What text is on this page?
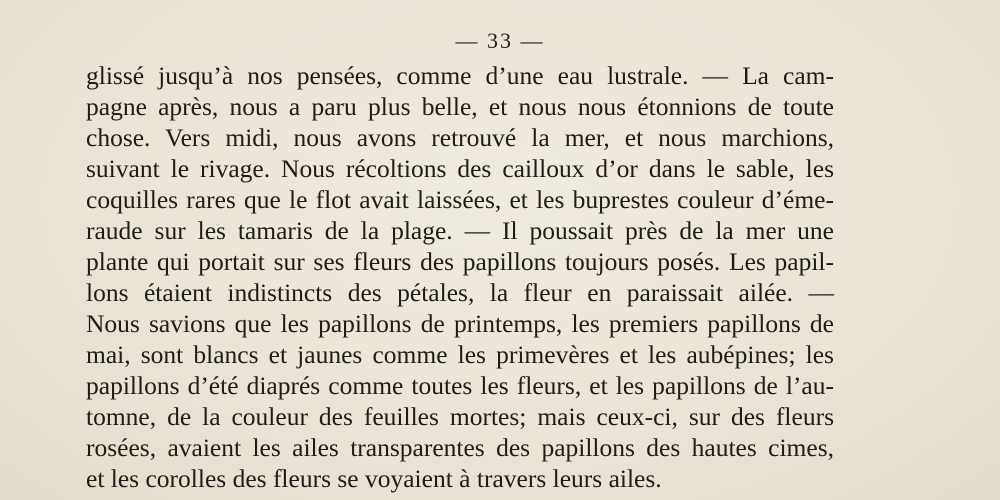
— 33 —
glissé jusqu’à nos pensées, comme d’une eau lustrale. — La cam-
pagne après, nous a paru plus belle, et nous nous étonnions de toute
chose. Vers midi, nous avons retrouvé la mer, et nous marchions,
suivant le rivage. Nous récoltions des cailloux d’or dans le sable, les
coquilles rares que le flot avait laissées, et les buprestes couleur d’éme-
raude sur les tamaris de la plage. — Il poussait près de la mer une
plante qui portait sur ses fleurs des papillons toujours posés. Les papil-
lons étaient indistincts des pétales, la fleur en paraissait ailée. —
Nous savions que les papillons de printemps, les premiers papillons de
mai, sont blancs et jaunes comme les primevères et les aubépines; les
papillons d’été diaprés comme toutes les fleurs, et les papillons de l’au-
tomne, de la couleur des feuilles mortes; mais ceux-ci, sur des fleurs
rosées, avaient les ailes transparentes des papillons des hautes cimes,
et les corolles des fleurs se voyaient à travers leurs ailes.
